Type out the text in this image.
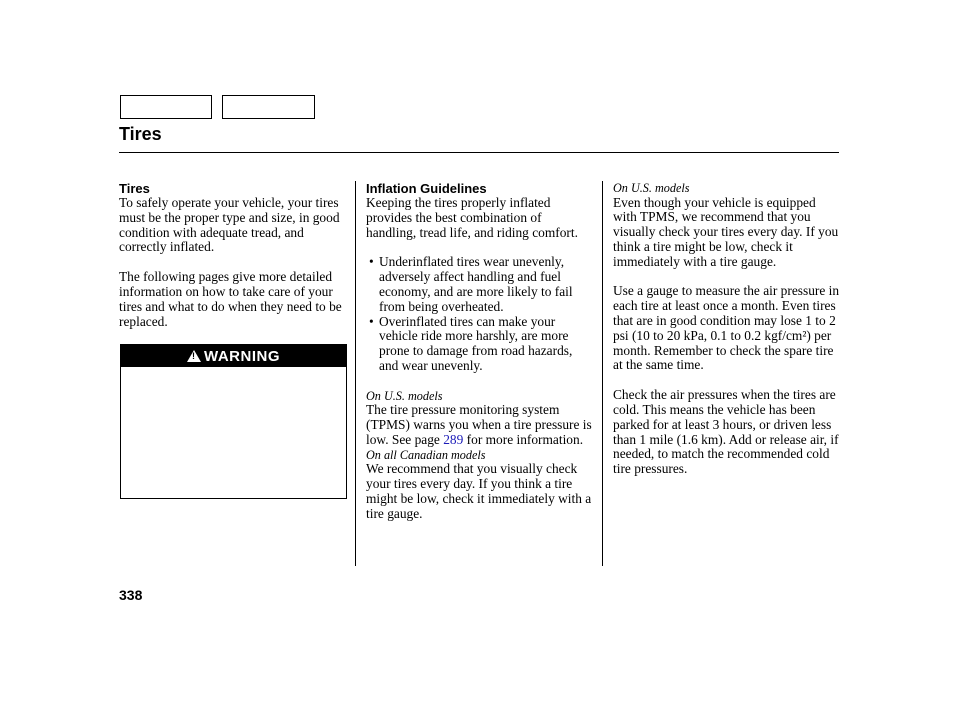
Tires

Tires

To safely operate your vehicle, your tires must be the proper type and size, in good condition with adequate tread, and correctly inflated.

The following pages give more detailed information on how to take care of your tires and what to do when they need to be replaced.

!
WARNING

Inflation Guidelines

Keeping the tires properly inflated provides the best combination of handling, tread life, and riding comfort.

• Underinflated tires wear unevenly, adversely affect handling and fuel economy, and are more likely to fail from being overheated.
• Overinflated tires can make your vehicle ride more harshly, are more prone to damage from road hazards, and wear unevenly.

On U.S. models

The tire pressure monitoring system (TPMS) warns you when a tire pressure is low. See page 289 for more information.

On all Canadian models

We recommend that you visually check your tires every day. If you think a tire might be low, check it immediately with a tire gauge.

On U.S. models

Even though your vehicle is equipped with TPMS, we recommend that you visually check your tires every day. If you think a tire might be low, check it immediately with a tire gauge.

Use a gauge to measure the air pressure in each tire at least once a month. Even tires that are in good condition may lose 1 to 2 psi (10 to 20 kPa, 0.1 to 0.2 kgf/cm²) per month. Remember to check the spare tire at the same time.

Check the air pressures when the tires are cold. This means the vehicle has been parked for at least 3 hours, or driven less than 1 mile (1.6 km). Add or release air, if needed, to match the recommended cold tire pressures.

338
